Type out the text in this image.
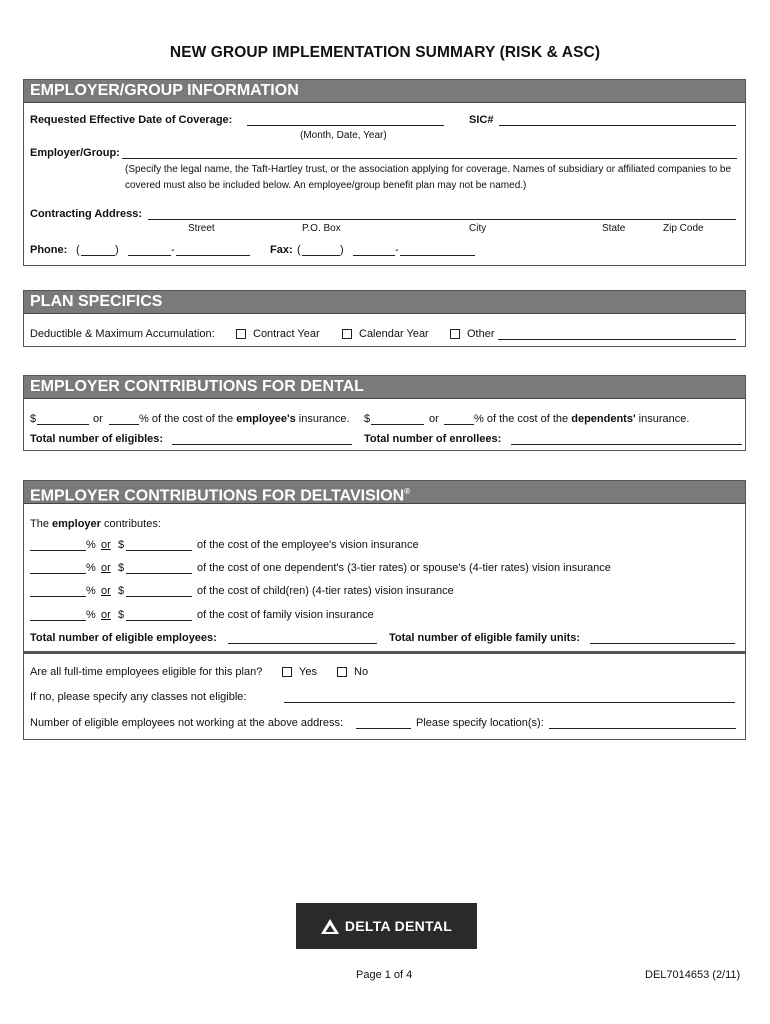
NEW GROUP IMPLEMENTATION SUMMARY (RISK & ASC)
EMPLOYER/GROUP INFORMATION
Requested Effective Date of Coverage:
(Month, Date, Year)
SIC#
Employer/Group:
(Specify the legal name, the Taft-Hartley trust, or the association applying for coverage. Names of subsidiary or affiliated companies to be
covered must also be included below. An employee/group benefit plan may not be named.)
Contracting Address:
Street	P.O. Box	City	State	Zip Code
Phone: (	)	-	Fax: (	)	-
PLAN SPECIFICS
Deductible & Maximum Accumulation:	Contract Year	Calendar Year	Other
EMPLOYER CONTRIBUTIONS FOR DENTAL
$	or	% of the cost of the employee's insurance. $	or	% of the cost of the dependents' insurance.
Total number of eligibles:	Total number of enrollees:
EMPLOYER CONTRIBUTIONS FOR DELTAVISION®
The employer contributes:
% or $	of the cost of the employee's vision insurance
% or $	of the cost of one dependent's (3-tier rates) or spouse's (4-tier rates) vision insurance
% or $	of the cost of child(ren) (4-tier rates) vision insurance
% or $	of the cost of family vision insurance
Total number of eligible employees:	Total number of eligible family units:
Are all full-time employees eligible for this plan?	Yes	No
If no, please specify any classes not eligible:
Number of eligible employees not working at the above address:	Please specify location(s):
DELTA DENTAL
Page 1 of 4	DEL7014653 (2/11)
